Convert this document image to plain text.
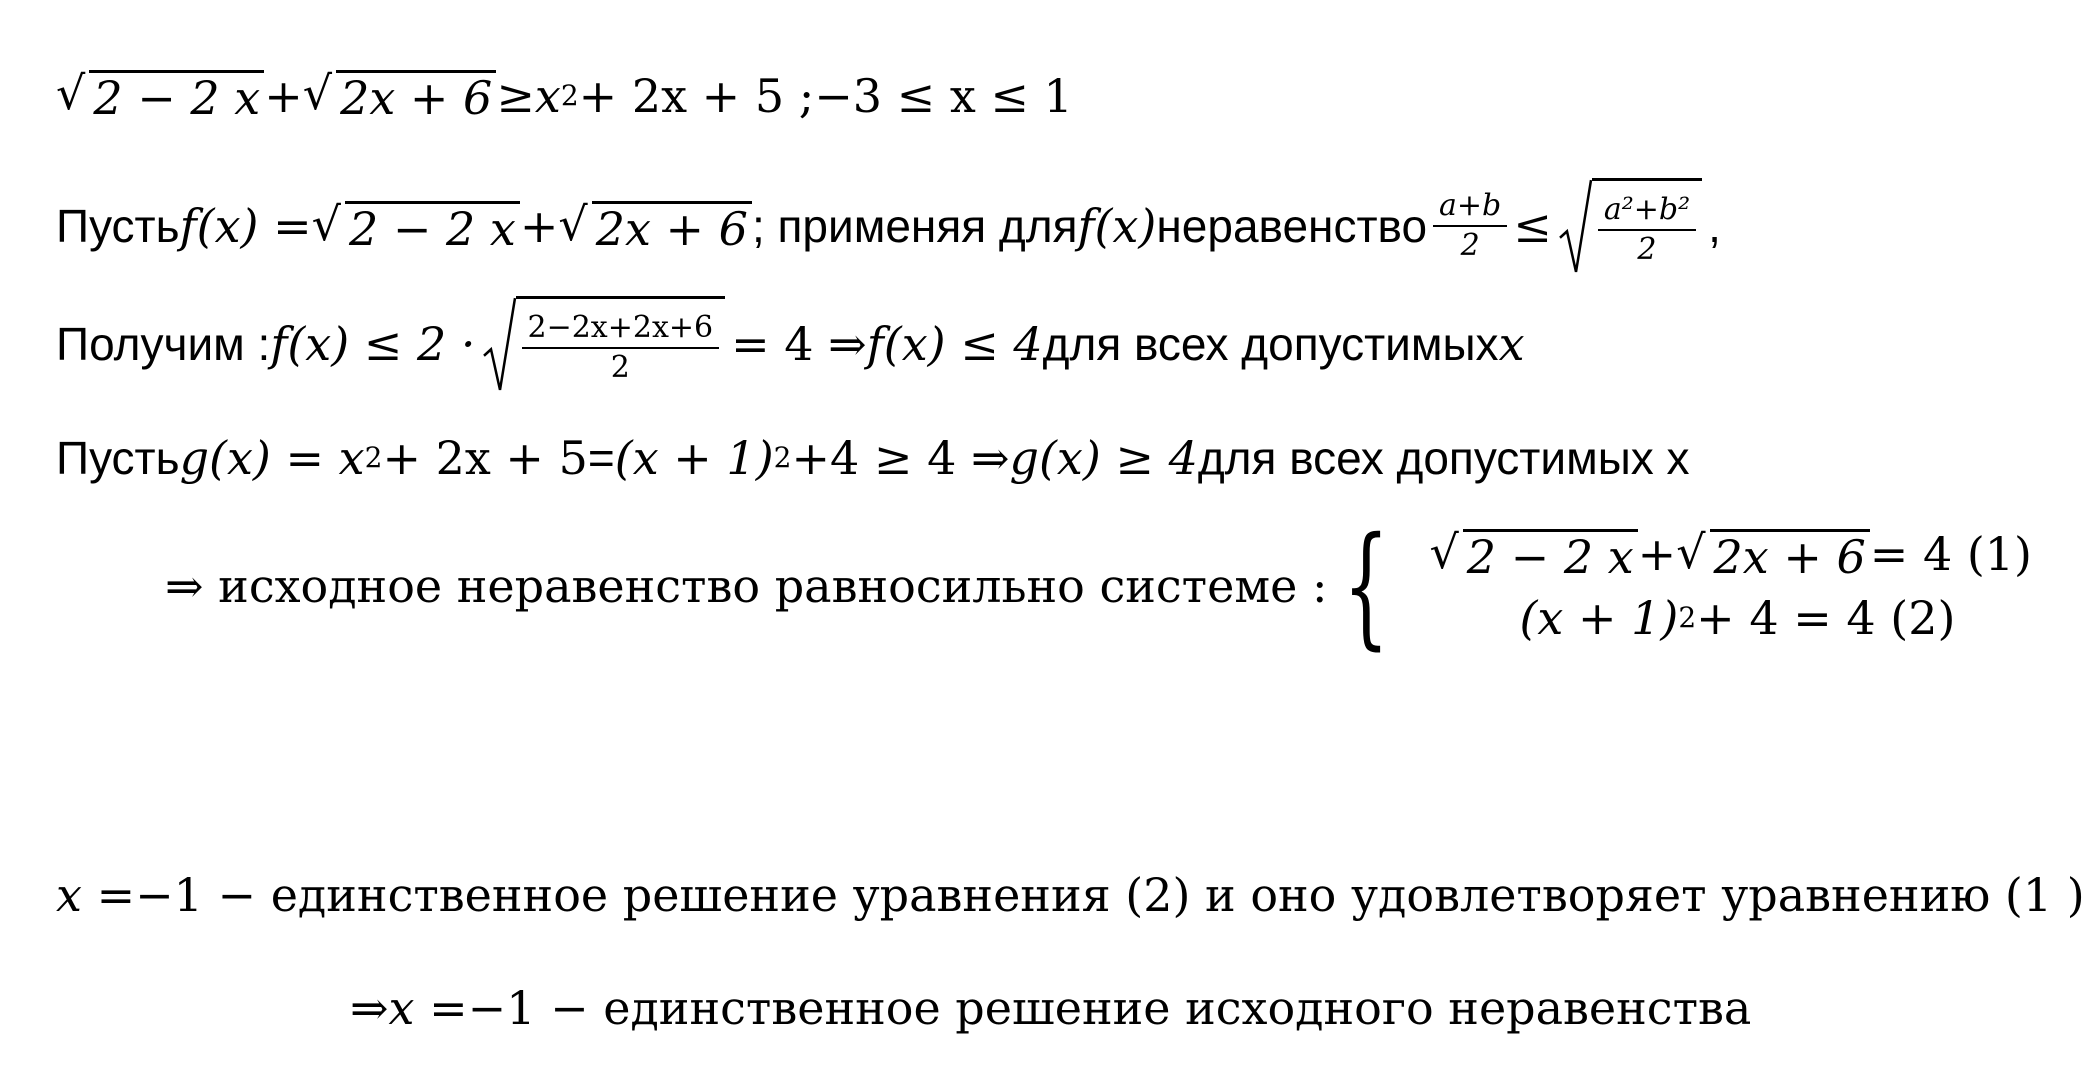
√ 2 − 2 x + √ 2x + 6 ≥ x 2 + 2x + 5 ; −3 ≤ x ≤ 1
Пусть f(x) = √ 2 − 2 x + √ 2x + 6 ; применяя для f(x) неравенство $\frac{a+b}{2} \le \frac{\text{a²+b²}}{2}$ ,
Получим : $f(x) \le 2 \cdot \frac{2-2x+2x+6}{2} = 4$ ⇒ f(x) ≤ 4 для всех допустимых x
Пусть g(x) = x 2 + 2x + 5 = (x + 1) 2 +4 ≥ 4 ⇒ g(x) ≥ 4 для всех допустимых х
⇒ исходное неравенство равносильно системе : { √ 2 − 2 x + √ 2x + 6 = 4 (1)
(x + 1) 2 + 4 = 4 (2)
x = −1 − единственное решение уравнения (2) и оно удовлетворяет уравнению (1 )
⇒ x = −1 − единственное решение исходного неравенства
